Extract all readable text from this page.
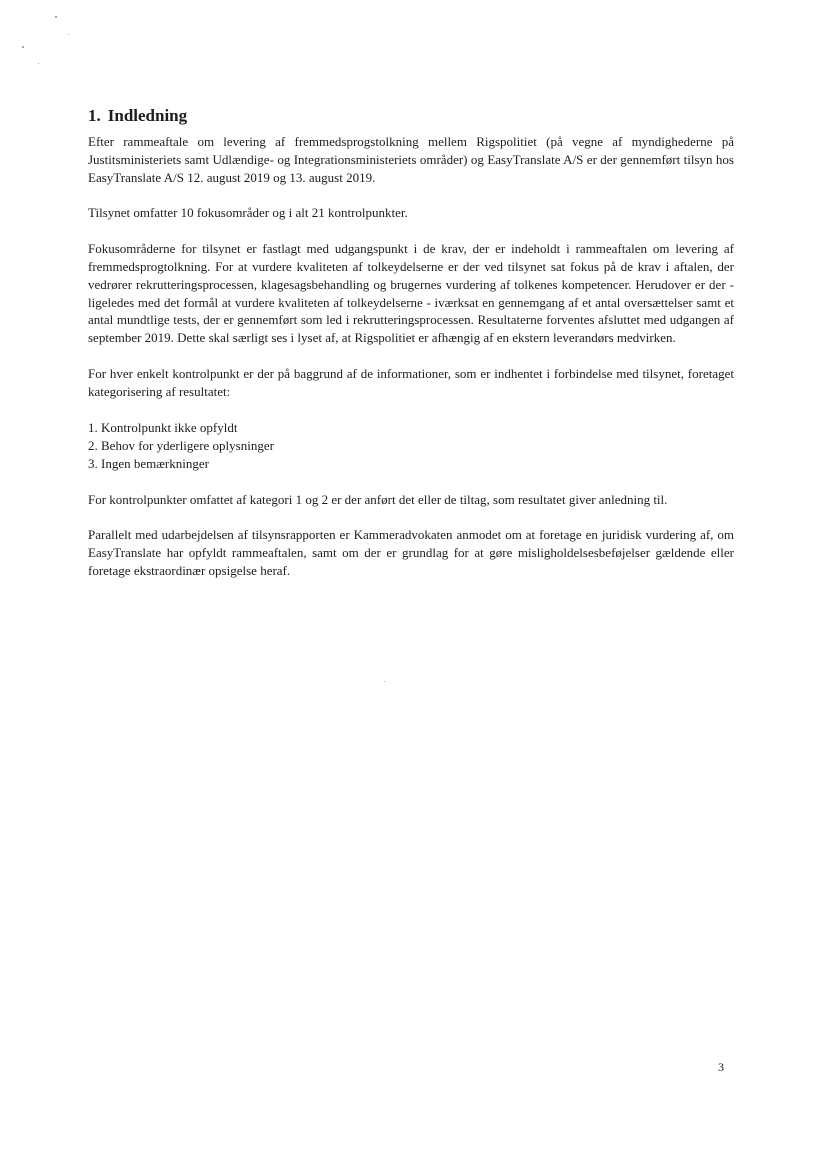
1. Indledning

Efter rammeaftale om levering af fremmedsprogstolkning mellem Rigspolitiet (på vegne af myndighederne på Justitsministeriets samt Udlændige- og Integrationsministeriets områder) og EasyTranslate A/S er der gennemført tilsyn hos EasyTranslate A/S 12. august 2019 og 13. august 2019.

Tilsynet omfatter 10 fokusområder og i alt 21 kontrolpunkter.

Fokusområderne for tilsynet er fastlagt med udgangspunkt i de krav, der er indeholdt i rammeaftalen om levering af fremmedsprogtolkning. For at vurdere kvaliteten af tolkeydelserne er der ved tilsynet sat fokus på de krav i aftalen, der vedrører rekrutteringsprocessen, klagesagsbehandling og brugernes vurdering af tolkenes kompetencer. Herudover er der - ligeledes med det formål at vurdere kvaliteten af tolkeydelserne - iværksat en gennemgang af et antal oversættelser samt et antal mundtlige tests, der er gennemført som led i rekrutteringsprocessen. Resultaterne forventes afsluttet med udgangen af september 2019. Dette skal særligt ses i lyset af, at Rigspolitiet er afhængig af en ekstern leverandørs medvirken.

For hver enkelt kontrolpunkt er der på baggrund af de informationer, som er indhentet i forbindelse med tilsynet, foretaget kategorisering af resultatet:

1. Kontrolpunkt ikke opfyldt
2. Behov for yderligere oplysninger
3. Ingen bemærkninger

For kontrolpunkter omfattet af kategori 1 og 2 er der anført det eller de tiltag, som resultatet giver anledning til.

Parallelt med udarbejdelsen af tilsynsrapporten er Kammeradvokaten anmodet om at foretage en juridisk vurdering af, om EasyTranslate har opfyldt rammeaftalen, samt om der er grundlag for at gøre misligholdelsesbeføjelser gældende eller foretage ekstraordinær opsigelse heraf.

3
